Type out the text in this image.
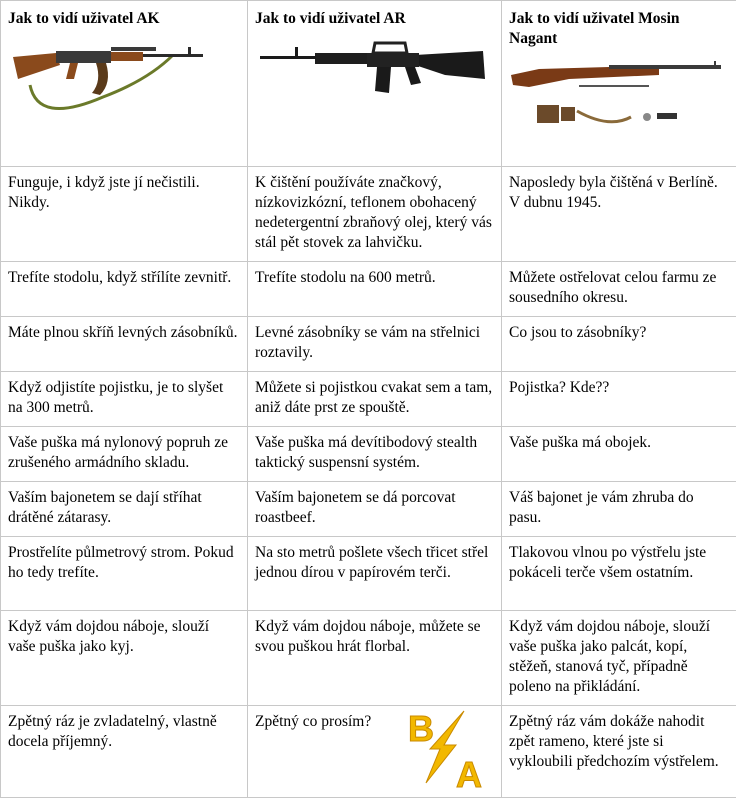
Jak to vidí uživatel AK	Jak to vidí uživatel AR	Jak to vidí uživatel Mosin Nagant

Funguje, i když jste jí nečistili. Nikdy.	K čištění používáte značkový, nízkovizkózní, teflonem obohacený nedetergentní zbraňový olej, který vás stál pět stovek za lahvičku.	Naposledy byla čištěná v Berlíně. V dubnu 1945.
Trefíte stodolu, když střílíte zevnitř.	Trefíte stodolu na 600 metrů.	Můžete ostřelovat celou farmu ze sousedního okresu.
Máte plnou skříň levných zásobníků.	Levné zásobníky se vám na střelnici roztavily.	Co jsou to zásobníky?
Když odjistíte pojistku, je to slyšet na 300 metrů.	Můžete si pojistkou cvakat sem a tam, aniž dáte prst ze spouště.	Pojistka? Kde??
Vaše puška má nylonový popruh ze zrušeného armádního skladu.	Vaše puška má devítibodový stealth taktický suspensní systém.	Vaše puška má obojek.
Vaším bajonetem se dají stříhat drátěné zátarasy.	Vaším bajonetem se dá porcovat roastbeef.	Váš bajonet je vám zhruba do pasu.
Prostřelíte půlmetrový strom. Pokud ho tedy trefíte.	Na sto metrů pošlete všech třicet střel jednou dírou v papírovém terči.	Tlakovou vlnou po výstřelu jste pokáceli terče všem ostatním.
Když vám dojdou náboje, slouží vaše puška jako kyj.	Když vám dojdou náboje, můžete se svou puškou hrát florbal.	Když vám dojdou náboje, slouží vaše puška jako palcát, kopí, stěžeň, stanová tyč, případně poleno na přikládání.
Zpětný ráz je zvladatelný, vlastně docela příjemný.	Zpětný co prosím?	Zpětný ráz vám dokáže nahodit zpět rameno, které jste si vykloubili předchozím výstřelem.
B
A
